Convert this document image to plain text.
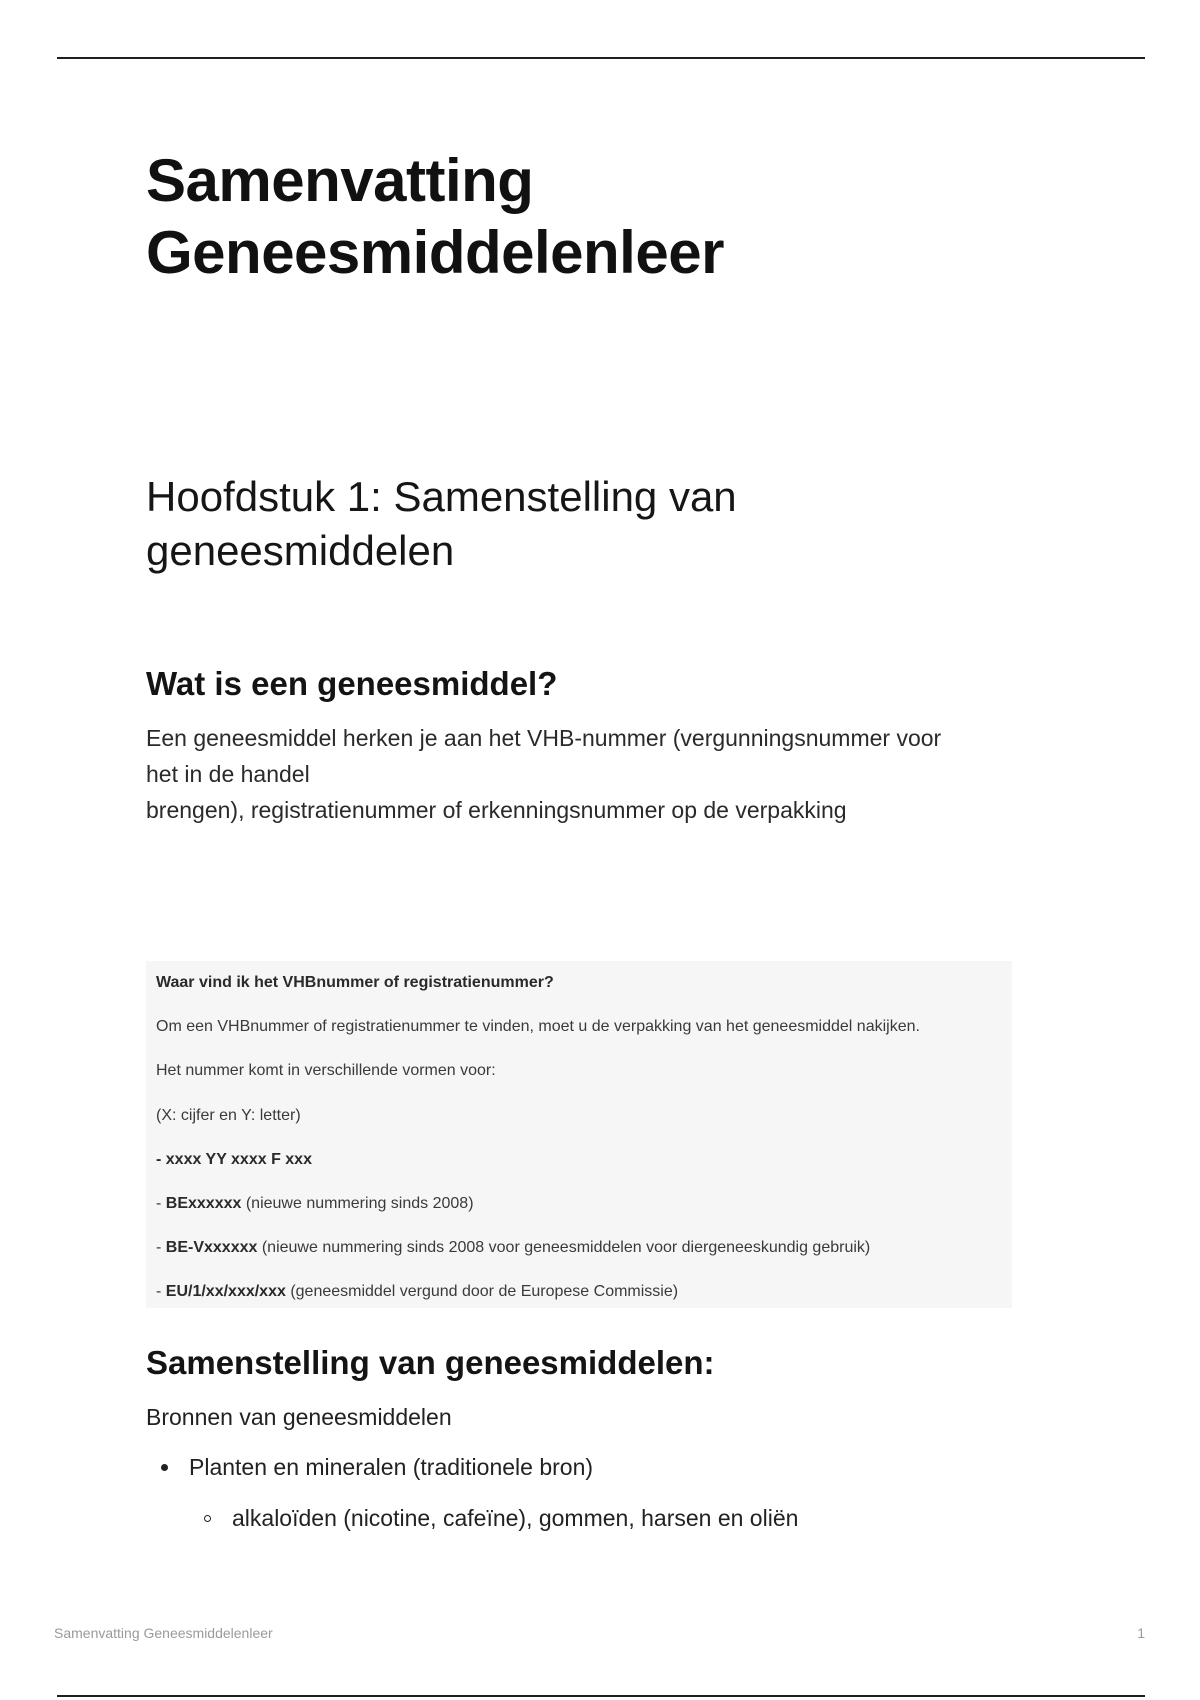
Samenvatting
Geneesmiddelenleer
Hoofdstuk 1: Samenstelling van
geneesmiddelen
Wat is een geneesmiddel?

Een geneesmiddel herken je aan het VHB-nummer (vergunningsnummer voor
het in de handel
brengen), registratienummer of erkenningsnummer op de verpakking

Waar vind ik het VHBnummer of registratienummer?
Om een VHBnummer of registratienummer te vinden, moet u de verpakking van het geneesmiddel nakijken.
Het nummer komt in verschillende vormen voor:
(X: cijfer en Y: letter)
- xxxx YY xxxx F xxx
- BExxxxxx (nieuwe nummering sinds 2008)
- BE-Vxxxxxx (nieuwe nummering sinds 2008 voor geneesmiddelen voor diergeneeskundig gebruik)
- EU/1/xx/xxx/xxx (geneesmiddel vergund door de Europese Commissie)
Samenstelling van geneesmiddelen:

Bronnen van geneesmiddelen

Planten en mineralen (traditionele bron)
alkaloïden (nicotine, cafeïne), gommen, harsen en oliën
Samenvatting Geneesmiddelenleer	1
